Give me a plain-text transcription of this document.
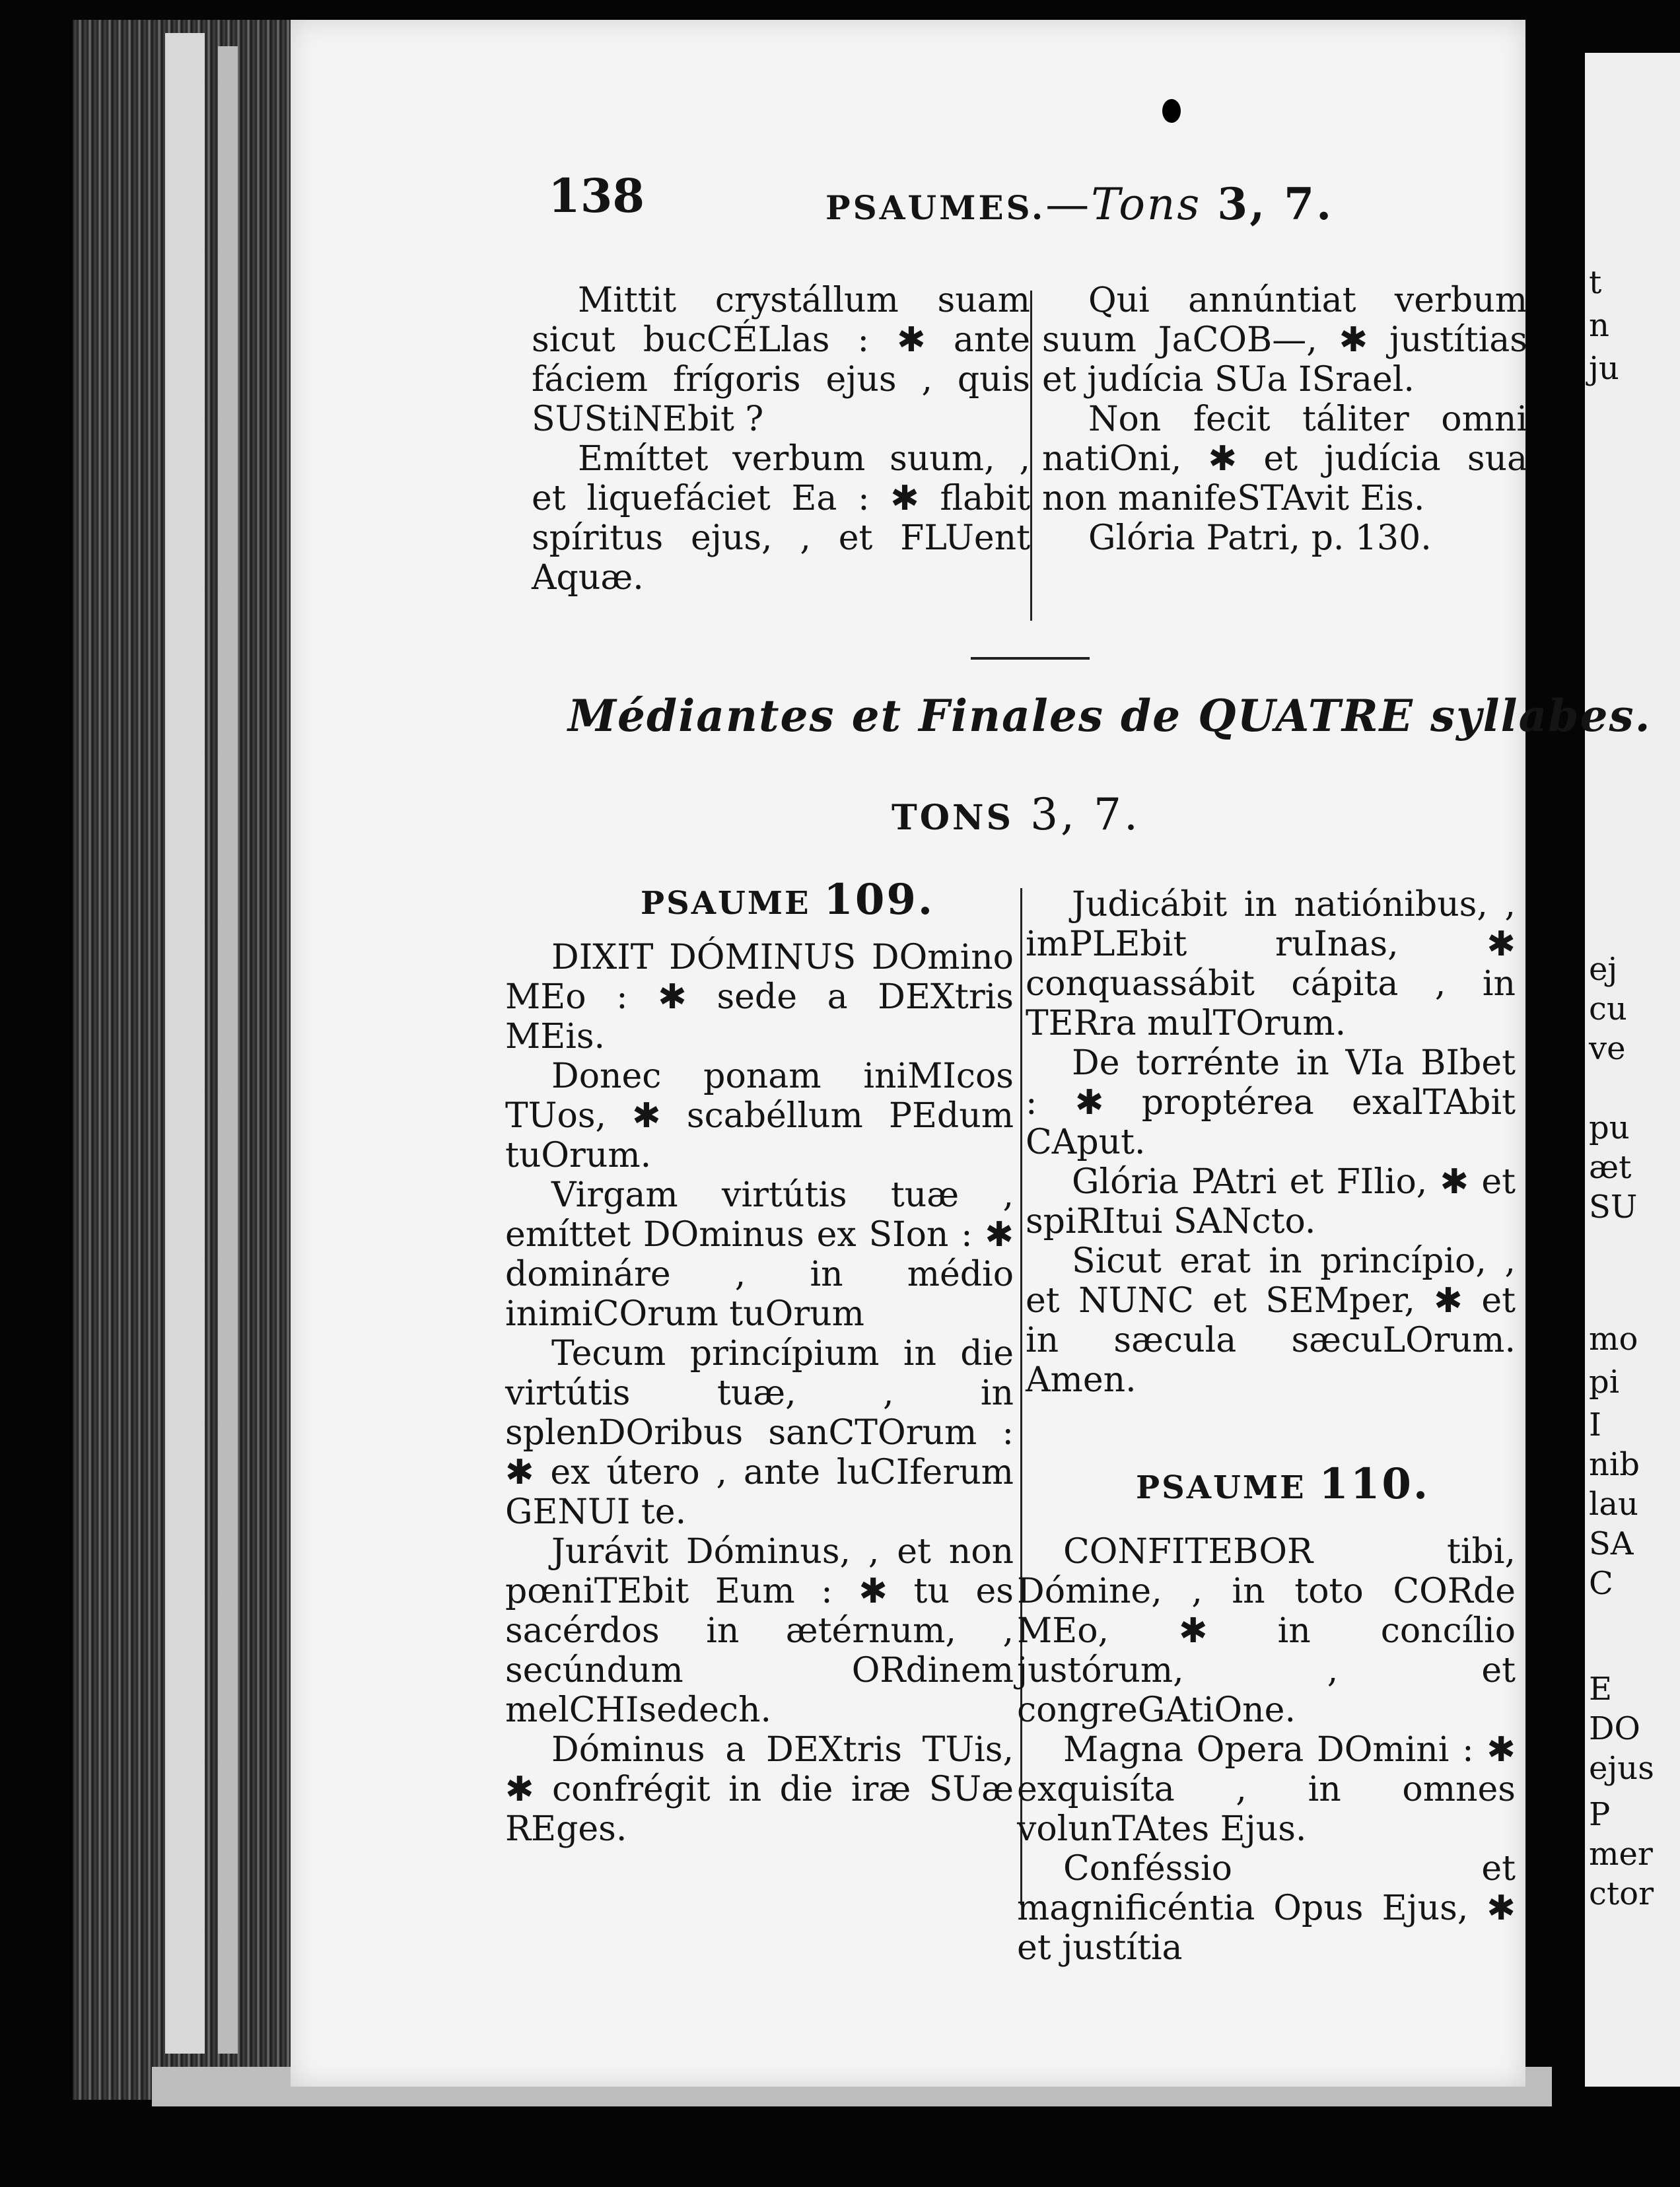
t
n
ju
ej
cu
ve
pu
æt
SU
mo
pi
I
nib
lau
SA
C
E
DO
ejus
P
mer
ctor
138	PSAUMES.—Tons 3, 7.

Mittit crystállum suam sicut bucCÉLlas : ✱ ante fáciem frígoris ejus , quis SUStiNEbit ?

Emíttet verbum suum, , et liquefáciet Ea : ✱ flabit spíritus ejus, , et FLUent Aquæ.

Qui annúntiat verbum suum JaCOB—, ✱ justítias et judícia SUa ISrael.

Non fecit táliter omni natiOni, ✱ et judícia sua non manifeSTAvit Eis.

Glória Patri, p. 130.

Médiantes et Finales de QUATRE syllabes.
TONS 3, 7.
PSAUME 109.

DIXIT DÓMINUS DOmino MEo : ✱ sede a DEXtris MEis.

Donec ponam iniMIcos TUos, ✱ scabéllum PEdum tuOrum.

Virgam virtútis tuæ , emíttet DOminus ex SIon : ✱ domináre , in médio inimiCOrum tuOrum

Tecum princípium in die virtútis tuæ, , in splenDOribus sanCTOrum : ✱ ex útero , ante luCIferum GENUI te.

Jurávit Dóminus, , et non pœniTEbit Eum : ✱ tu es sacérdos in ætérnum, , secúndum ORdinem melCHIsedech.

Dóminus a DEXtris TUis, ✱ confrégit in die iræ SUæ REges.

Judicábit in natiónibus, , imPLEbit ruInas, ✱ conquassábit cápita , in TERra mulTOrum.

De torrénte in VIa BIbet : ✱ proptérea exalTAbit CAput.

Glória PAtri et FIlio, ✱ et spiRItui SANcto.

Sicut erat in princípio, , et NUNC et SEMper, ✱ et in sæcula sæcuLOrum. Amen.

PSAUME 110.

CONFITEBOR tibi, Dómine, , in toto CORde MEo, ✱ in concílio justórum, , et congreGAtiOne.

Magna Opera DOmini : ✱ exquisíta , in omnes volunTAtes Ejus.

Conféssio et magnificéntia Opus Ejus, ✱ et justítia
